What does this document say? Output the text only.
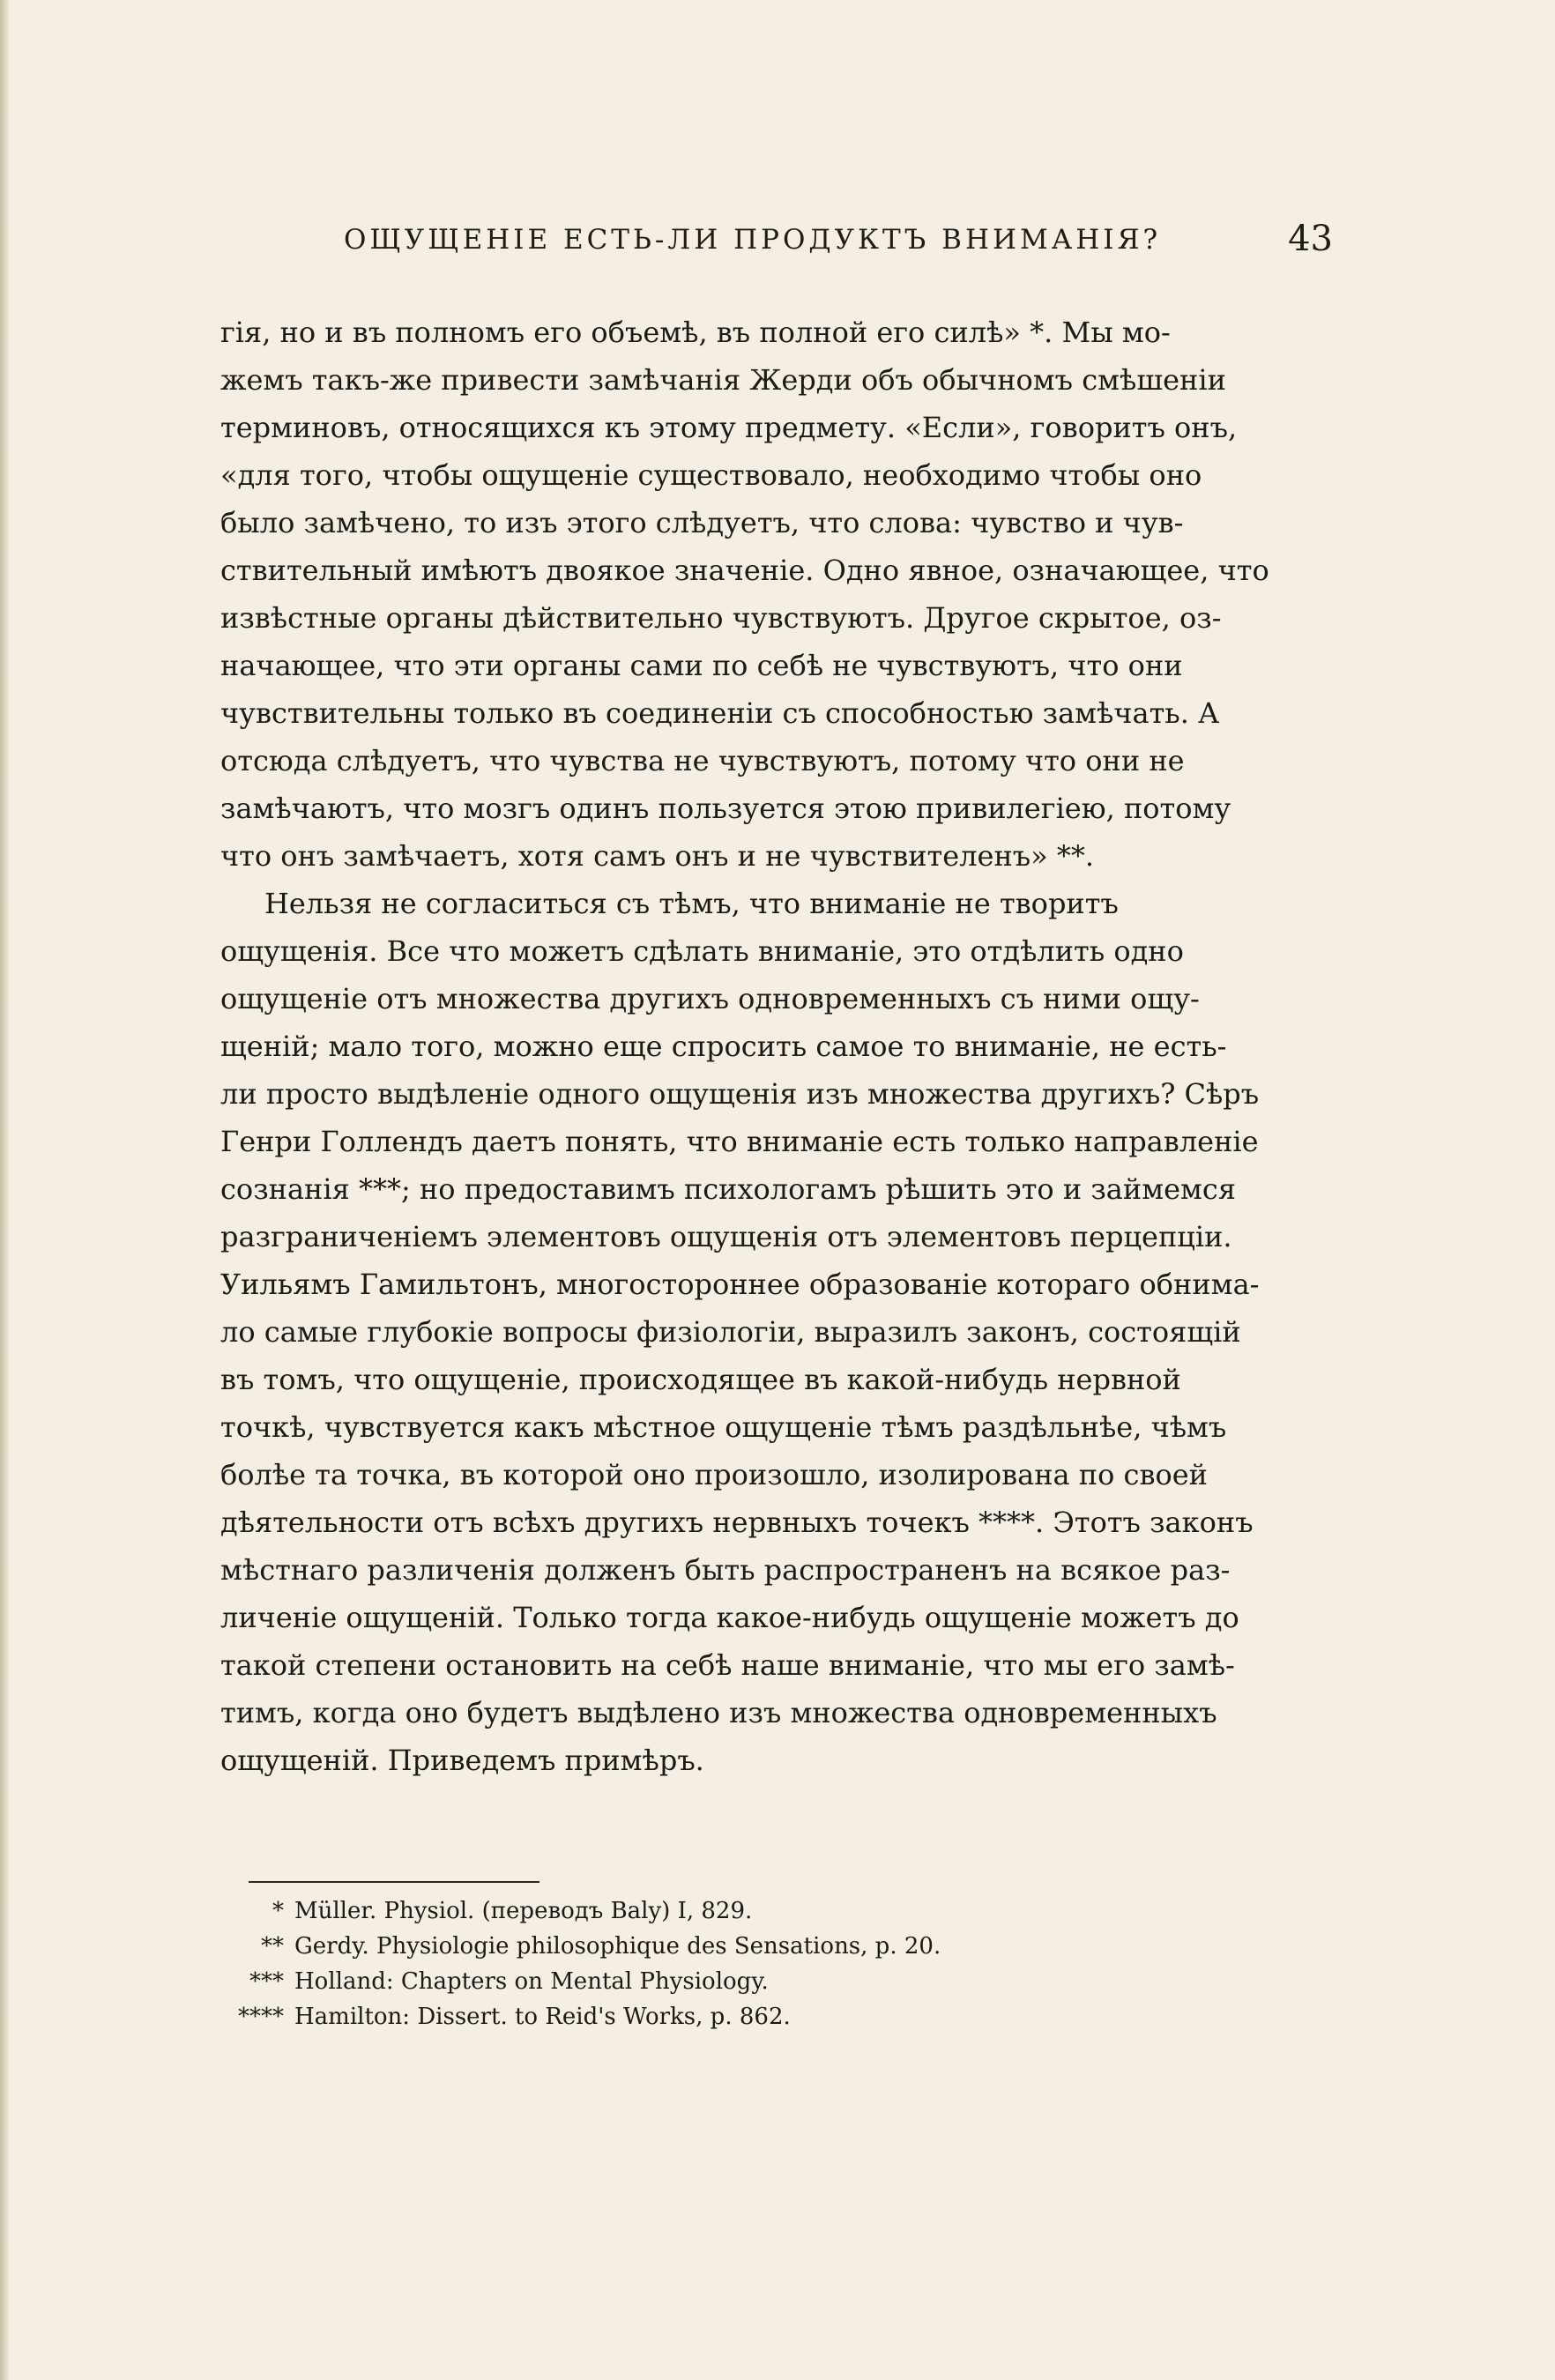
ОЩУЩЕНІЕ ЕСТЬ-ЛИ ПРОДУКТЪ ВНИМАНІЯ?	43
гія, но и въ полномъ его объемѣ, въ полной его силѣ» *. Мы мо-
жемъ такъ-же привести замѣчанія Жерди объ обычномъ смѣшеніи
терминовъ, относящихся къ этому предмету. «Если», говоритъ онъ,
«для того, чтобы ощущеніе существовало, необходимо чтобы оно
было замѣчено, то изъ этого слѣдуетъ, что слова: чувство и чув-
ствительный имѣютъ двоякое значеніе. Одно явное, означающее, что
извѣстные органы дѣйствительно чувствуютъ. Другое скрытое, оз-
начающее, что эти органы сами по себѣ не чувствуютъ, что они
чувствительны только въ соединеніи съ способностью замѣчать. А
отсюда слѣдуетъ, что чувства не чувствуютъ, потому что они не
замѣчаютъ, что мозгъ одинъ пользуется этою привилегіею, потому
что онъ замѣчаетъ, хотя самъ онъ и не чувствителенъ» **.
Нельзя не согласиться съ тѣмъ, что вниманіе не творитъ
ощущенія. Все что можетъ сдѣлать вниманіе, это отдѣлить одно
ощущеніе отъ множества другихъ одновременныхъ съ ними ощу-
щеній; мало того, можно еще спросить самое то вниманіе, не есть-
ли просто выдѣленіе одного ощущенія изъ множества другихъ? Сѣръ
Генри Голлендъ даетъ понять, что вниманіе есть только направленіе
сознанія ***; но предоставимъ психологамъ рѣшить это и займемся
разграниченіемъ элементовъ ощущенія отъ элементовъ перцепціи.
Уильямъ Гамильтонъ, многостороннее образованіе котораго обнима-
ло самые глубокіе вопросы физіологіи, выразилъ законъ, состоящій
въ томъ, что ощущеніе, происходящее въ какой-нибудь нервной
точкѣ, чувствуется какъ мѣстное ощущеніе тѣмъ раздѣльнѣе, чѣмъ
болѣе та точка, въ которой оно произошло, изолирована по своей
дѣятельности отъ всѣхъ другихъ нервныхъ точекъ ****. Этотъ законъ
мѣстнаго различенія долженъ быть распространенъ на всякое раз-
личеніе ощущеній. Только тогда какое-нибудь ощущеніе можетъ до
такой степени остановить на себѣ наше вниманіе, что мы его замѣ-
тимъ, когда оно будетъ выдѣлено изъ множества одновременныхъ
ощущеній. Приведемъ примѣръ.
* Müller. Physiol. (переводъ Baly) I, 829.
** Gerdy. Physiologie philosophique des Sensations, p. 20.
*** Holland: Chapters on Mental Physiology.
**** Hamilton: Dissert. to Reid's Works, p. 862.
